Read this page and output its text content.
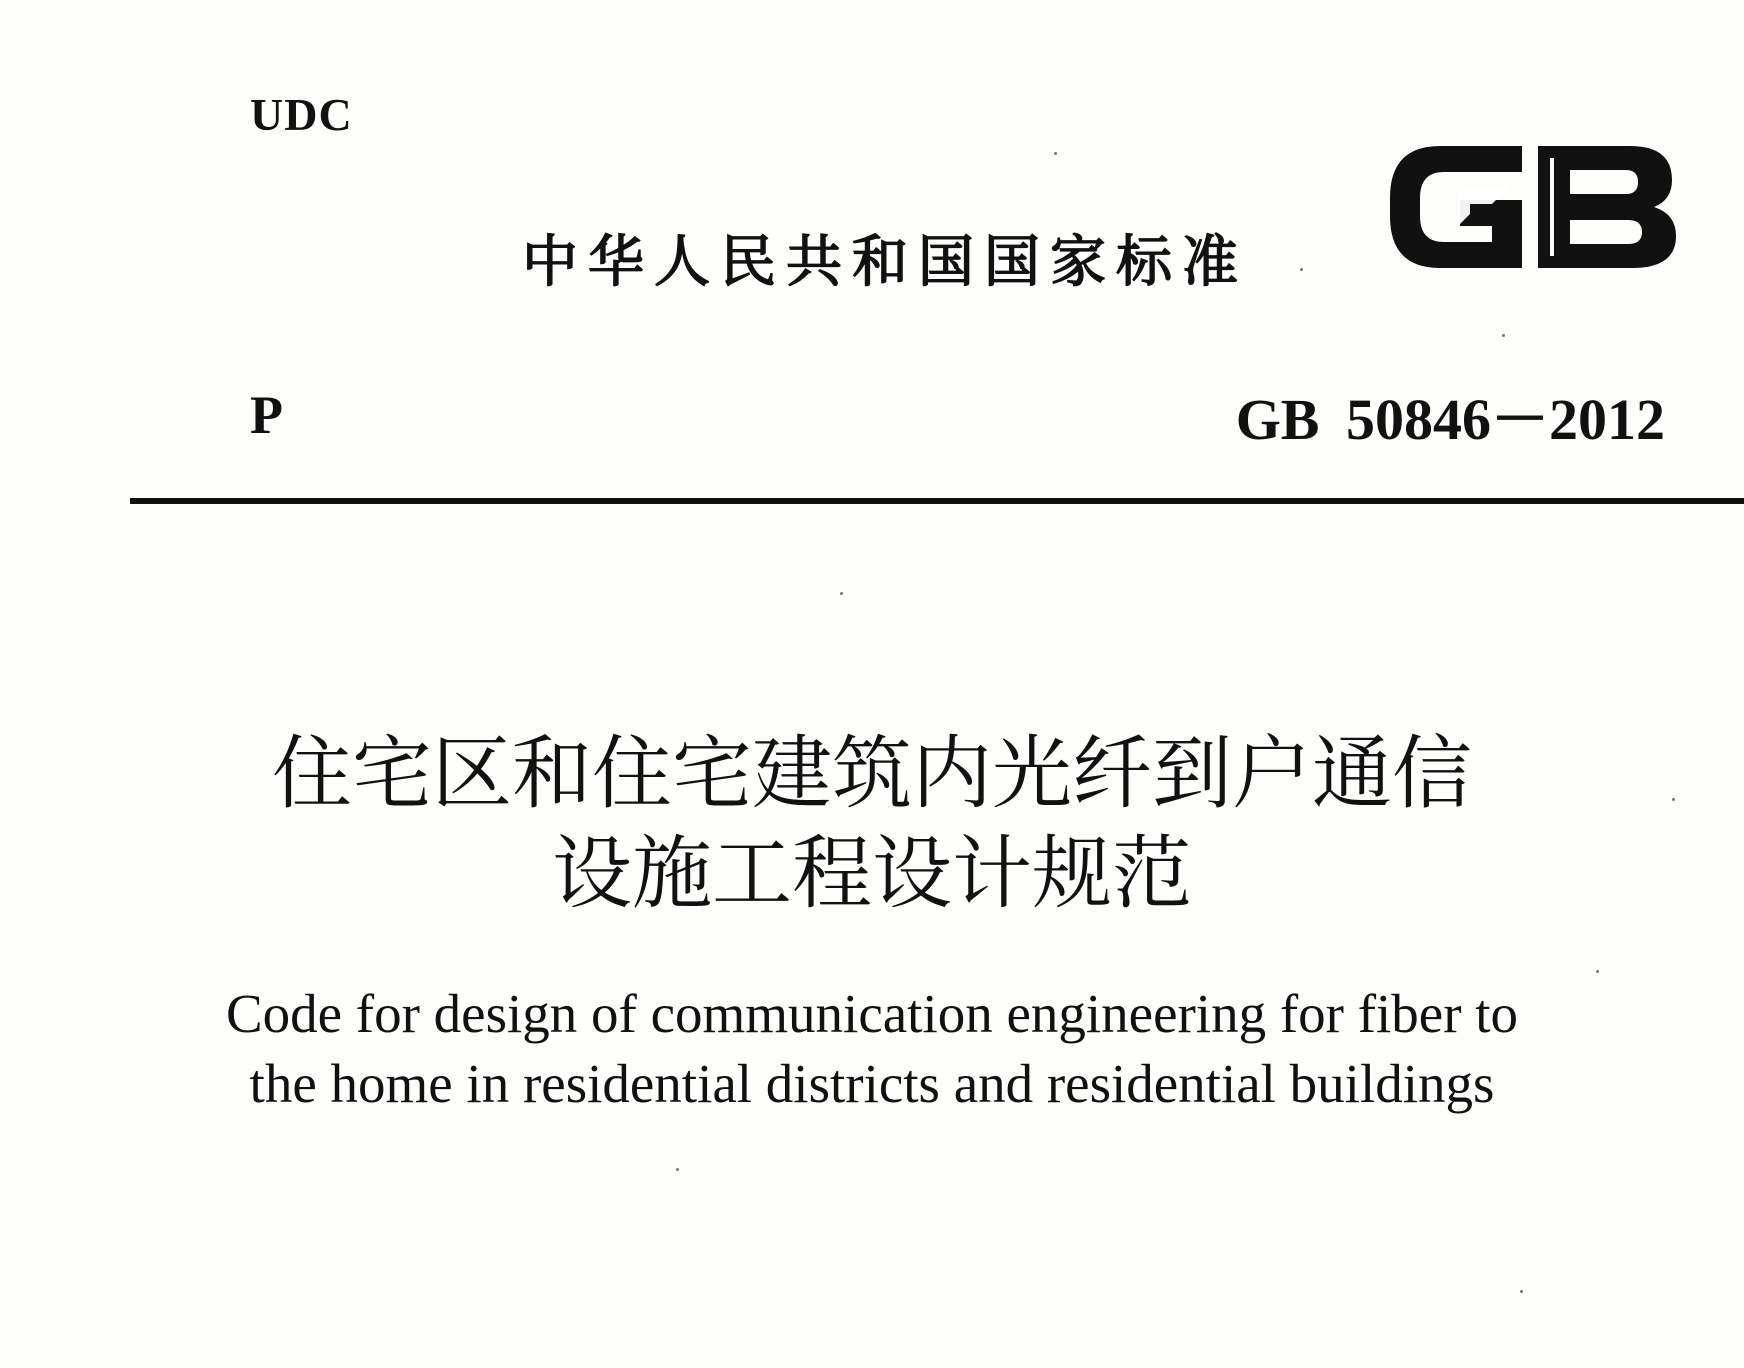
UDC
中华人民共和国国家标准
P	GB 50846－2012
住宅区和住宅建筑内光纤到户通信
设施工程设计规范
Code for design of communication engineering for fiber to
the home in residential districts and residential buildings
